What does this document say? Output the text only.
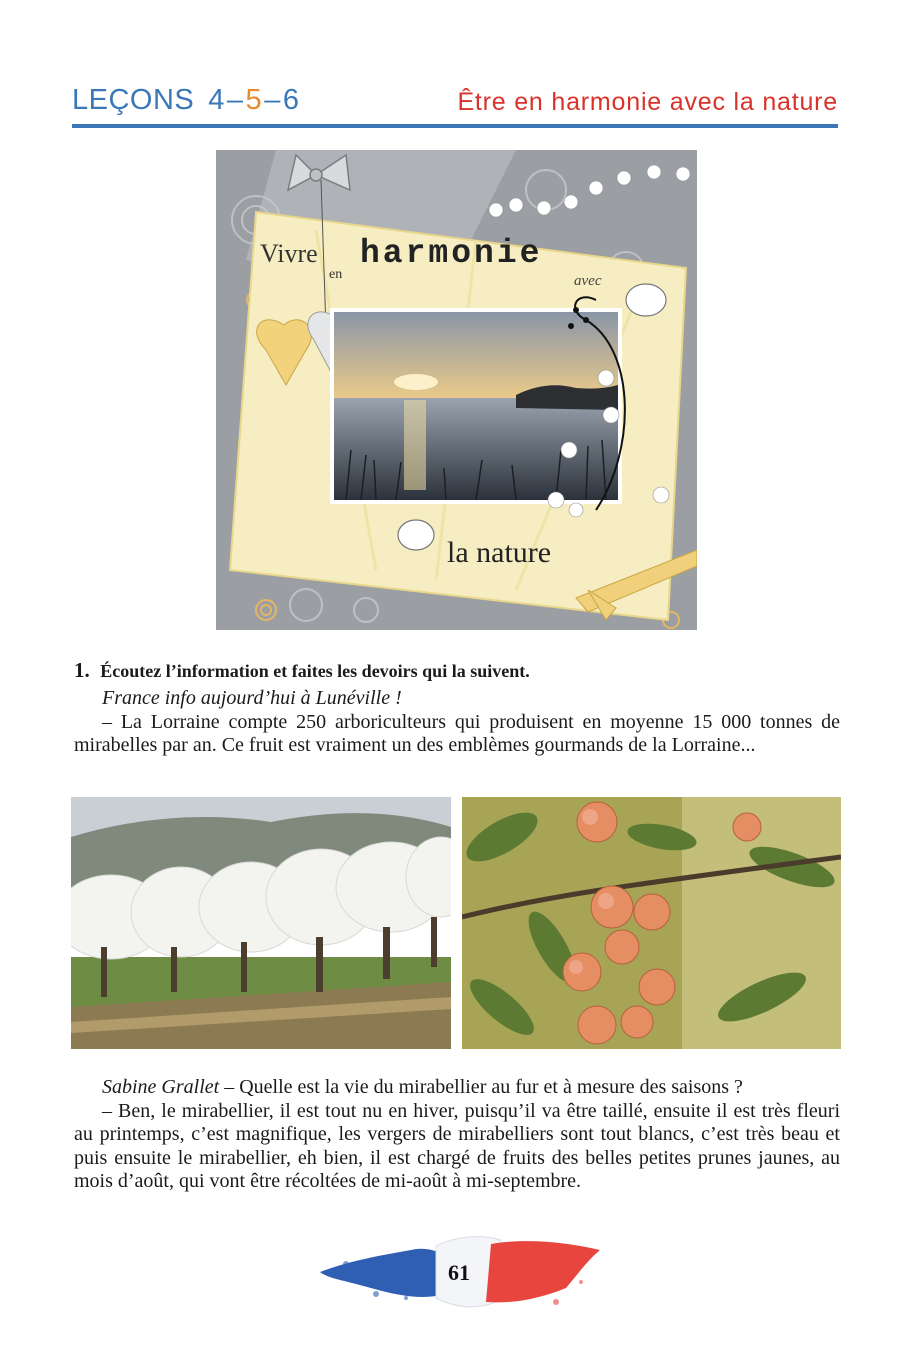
LEÇONS 4–5–6	Être en harmonie avec la nature
Vivre
en
harmonie
avec
la nature
1. Écoutez l’information et faites les devoirs qui la suivent.

France info aujourd’hui à Lunéville !

– La Lorraine compte 250 arboriculteurs qui produisent en moyenne 15 000 tonnes de mirabelles par an. Ce fruit est vraiment un des emblèmes gourmands de la Lorraine...

Sabine Grallet – Quelle est la vie du mirabellier au fur et à mesure des saisons ?

– Ben, le mirabellier, il est tout nu en hiver, puisqu’il va être taillé, ensuite il est très fleuri au printemps, c’est magnifique, les vergers de mirabelliers sont tout blancs, c’est très beau et puis ensuite le mirabellier, eh bien, il est chargé de fruits des belles petites prunes jaunes, au mois d’août, qui vont être récoltées de mi-août à mi-septembre.

61
